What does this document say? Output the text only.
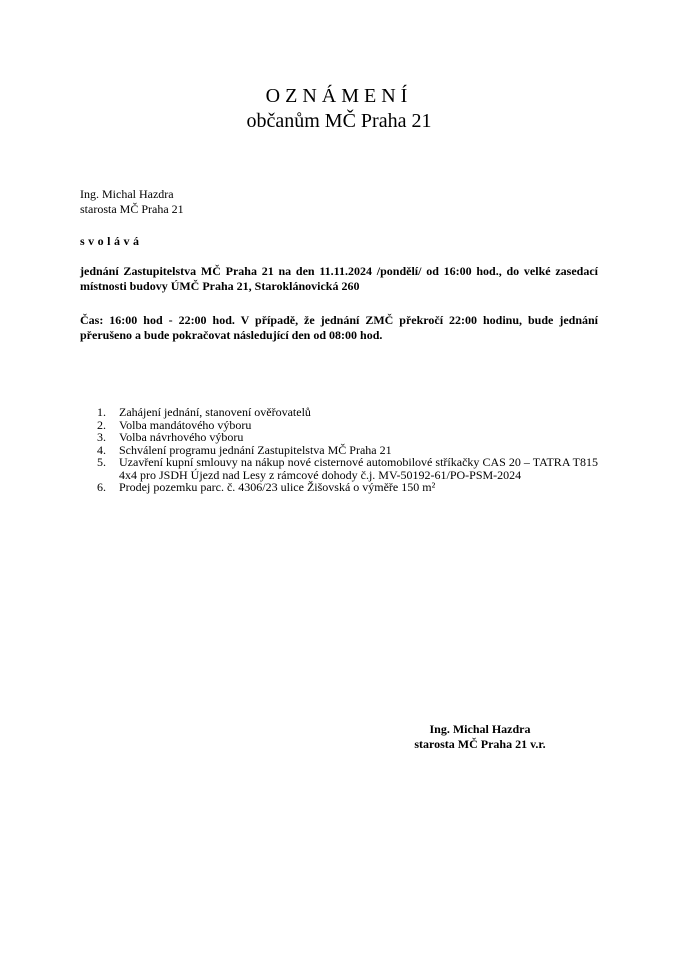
OZNÁMENÍ
občanům MČ Praha 21
Ing. Michal Hazdra
starosta MČ Praha 21
svolává
jednání Zastupitelstva MČ Praha 21 na den 11.11.2024 /pondělí/ od 16:00 hod., do velké zasedací místnosti budovy ÚMČ Praha 21, Staroklánovická 260
Čas: 16:00 hod - 22:00 hod. V případě, že jednání ZMČ překročí 22:00 hodinu, bude jednání přerušeno a bude pokračovat následující den od 08:00 hod.
1. Zahájení jednání, stanovení ověřovatelů
2. Volba mandátového výboru
3. Volba návrhového výboru
4. Schválení programu jednání Zastupitelstva MČ Praha 21
5. Uzavření kupní smlouvy na nákup nové cisternové automobilové stříkačky CAS 20 – TATRA T815 4x4 pro JSDH Újezd nad Lesy z rámcové dohody č.j. MV-50192-61/PO-PSM-2024
6. Prodej pozemku parc. č. 4306/23 ulice Žišovská o výměře 150 m²
Ing. Michal Hazdra
starosta MČ Praha 21 v.r.
